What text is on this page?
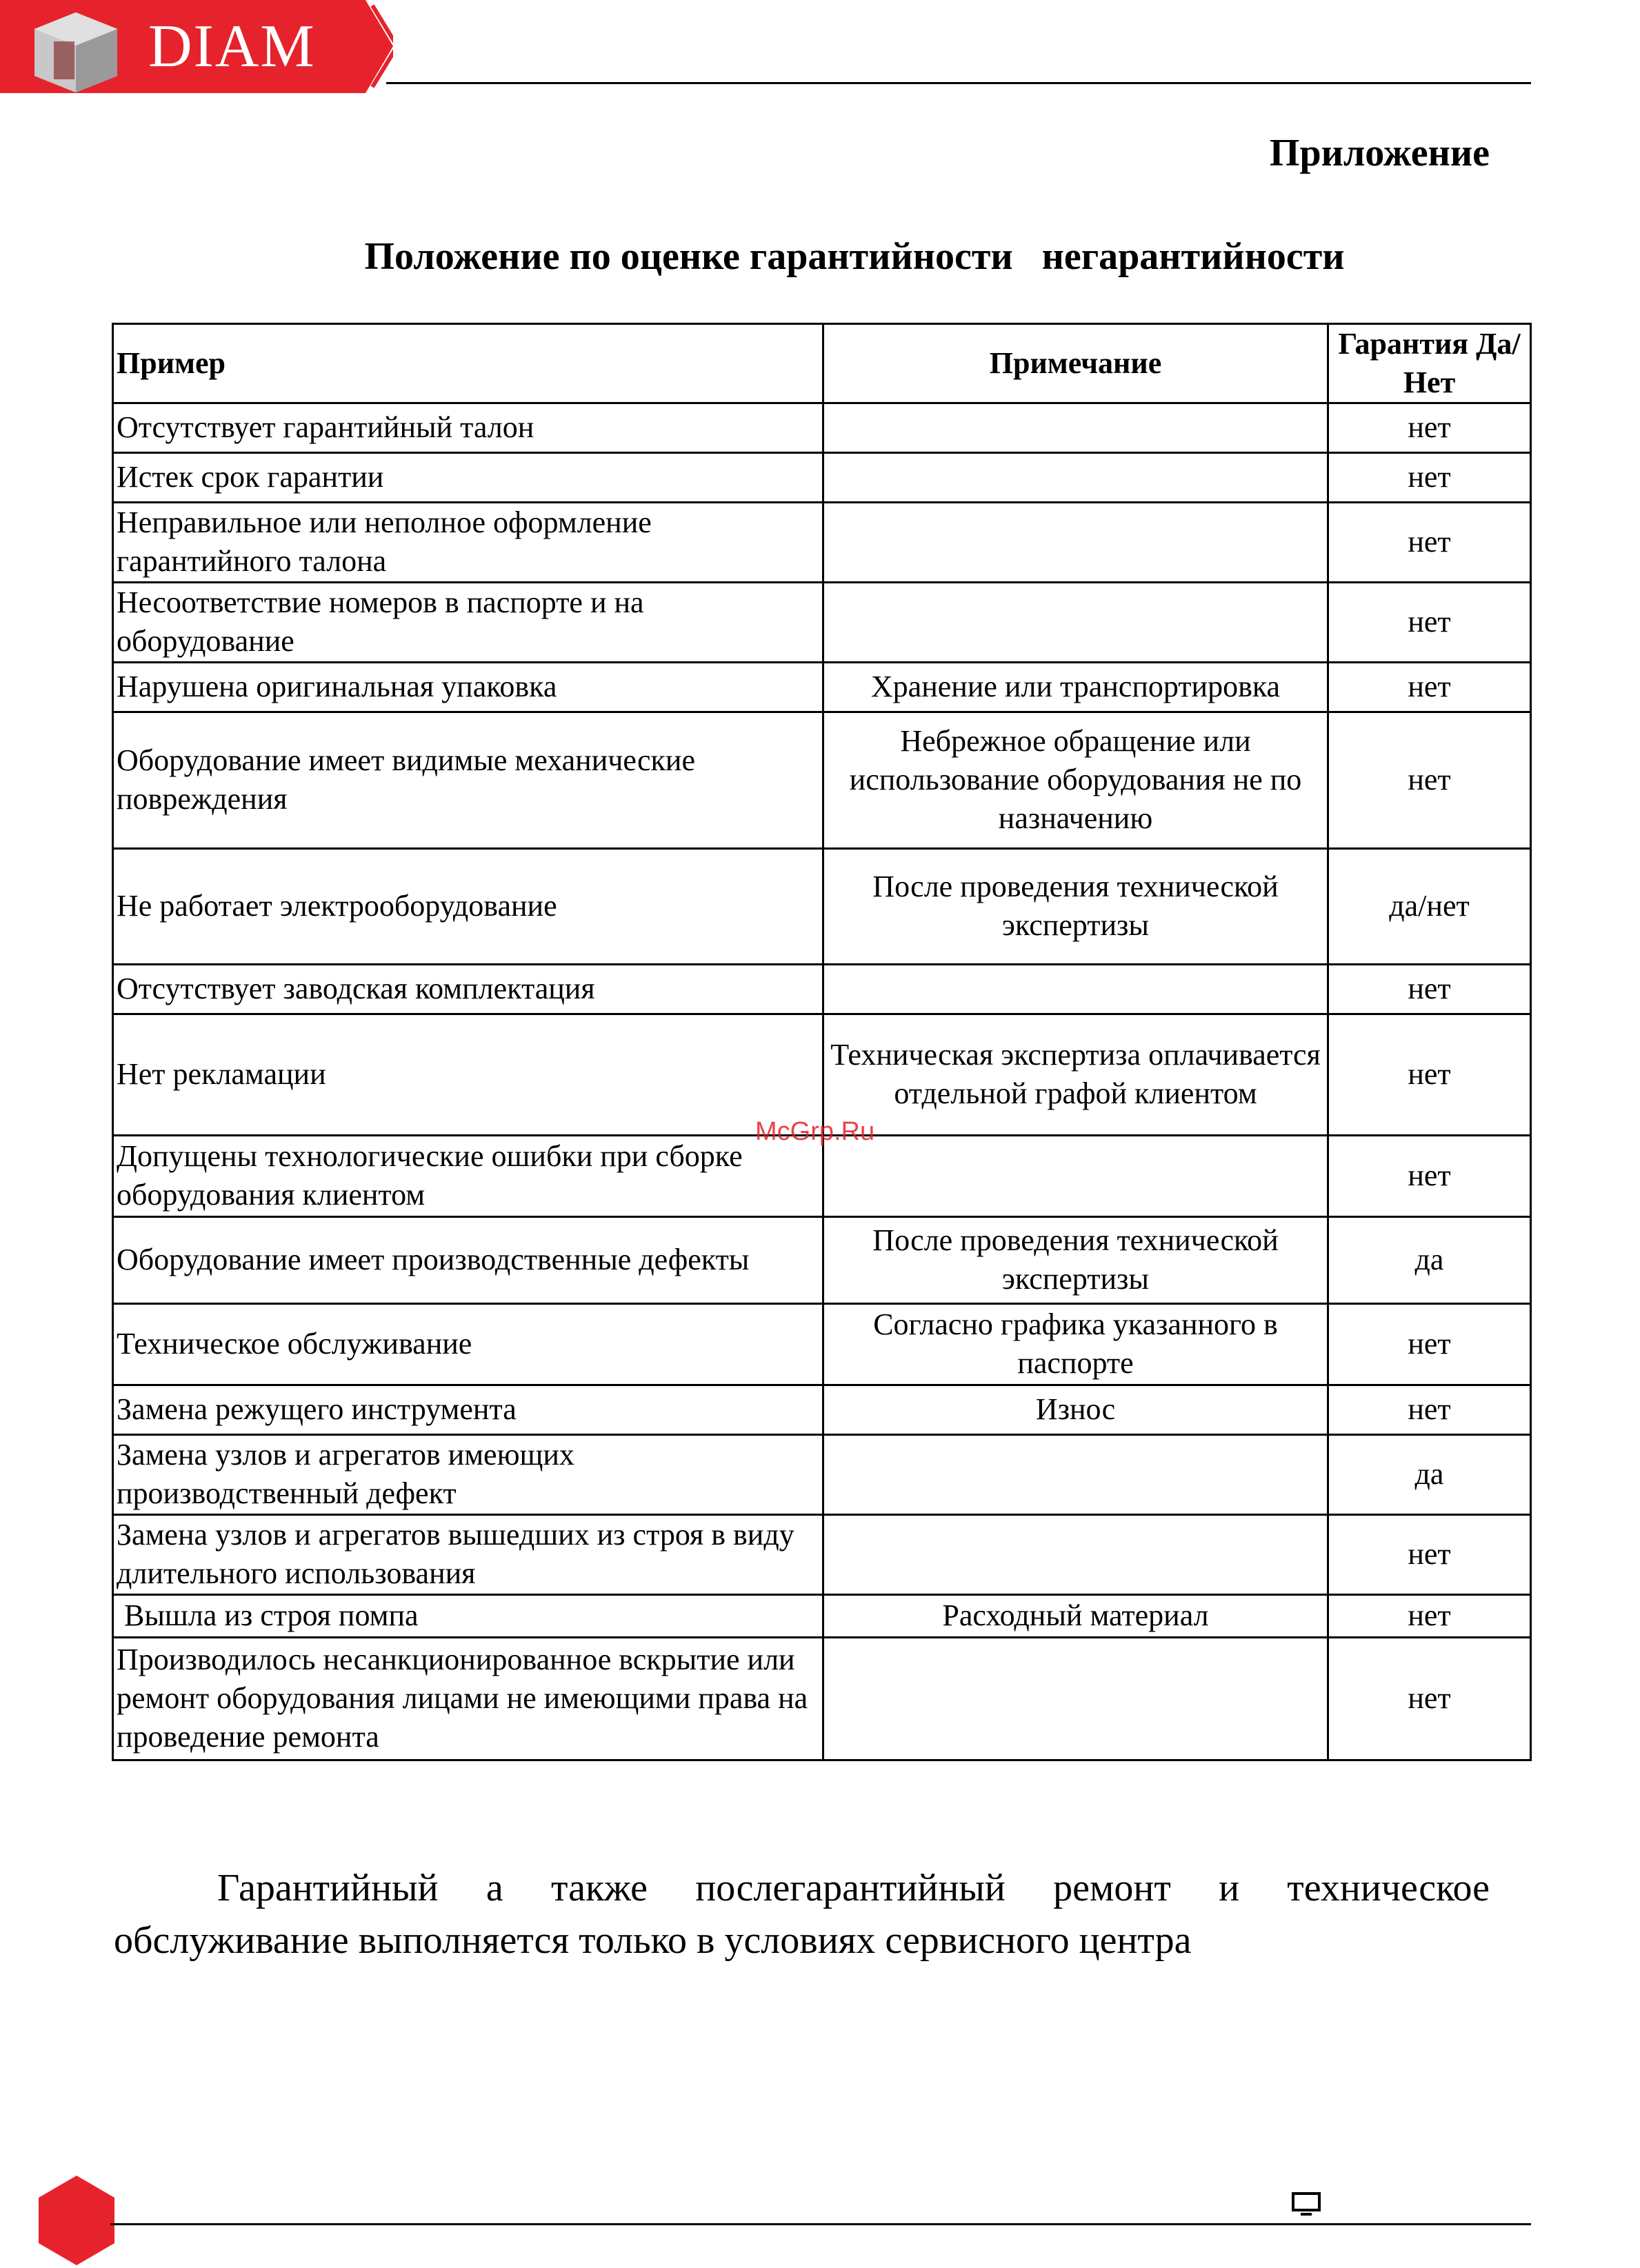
DIAM
Приложение
Положение по оценке гарантийности   негарантийности
Пример	Примечание	Гарантия Да/Нет
Отсутствует гарантийный талон		нет
Истек срок гарантии		нет
Неправильное или неполное оформление гарантийного талона		нет
Несоответствие номеров в паспорте и на оборудование		нет
Нарушена оригинальная упаковка	Хранение или транспортировка	нет
Оборудование имеет видимые механические повреждения	Небрежное обращение или использование оборудования не по назначению	нет
Не работает электрооборудование	После проведения технической экспертизы	да/нет
Отсутствует заводская комплектация		нет
Нет рекламации	Техническая экспертиза оплачивается отдельной графой клиентом	нет
Допущены технологические ошибки при сборке оборудования клиентом		нет
Оборудование имеет производственные дефекты	После проведения технической экспертизы	да
Техническое обслуживание	Согласно графика указанного в паспорте	нет
Замена режущего инструмента	Износ	нет
Замена узлов и агрегатов имеющих производственный дефект		да
Замена узлов и агрегатов вышедших из строя в виду длительного использования		нет
Вышла из строя помпа	Расходный материал	нет
Производилось несанкционированное вскрытие или  ремонт оборудования лицами не имеющими права на проведение ремонта		нет
McGrp.Ru
Гарантийный а также послегарантийный ремонт и техническое
обслуживание выполняется только в условиях сервисного центра
